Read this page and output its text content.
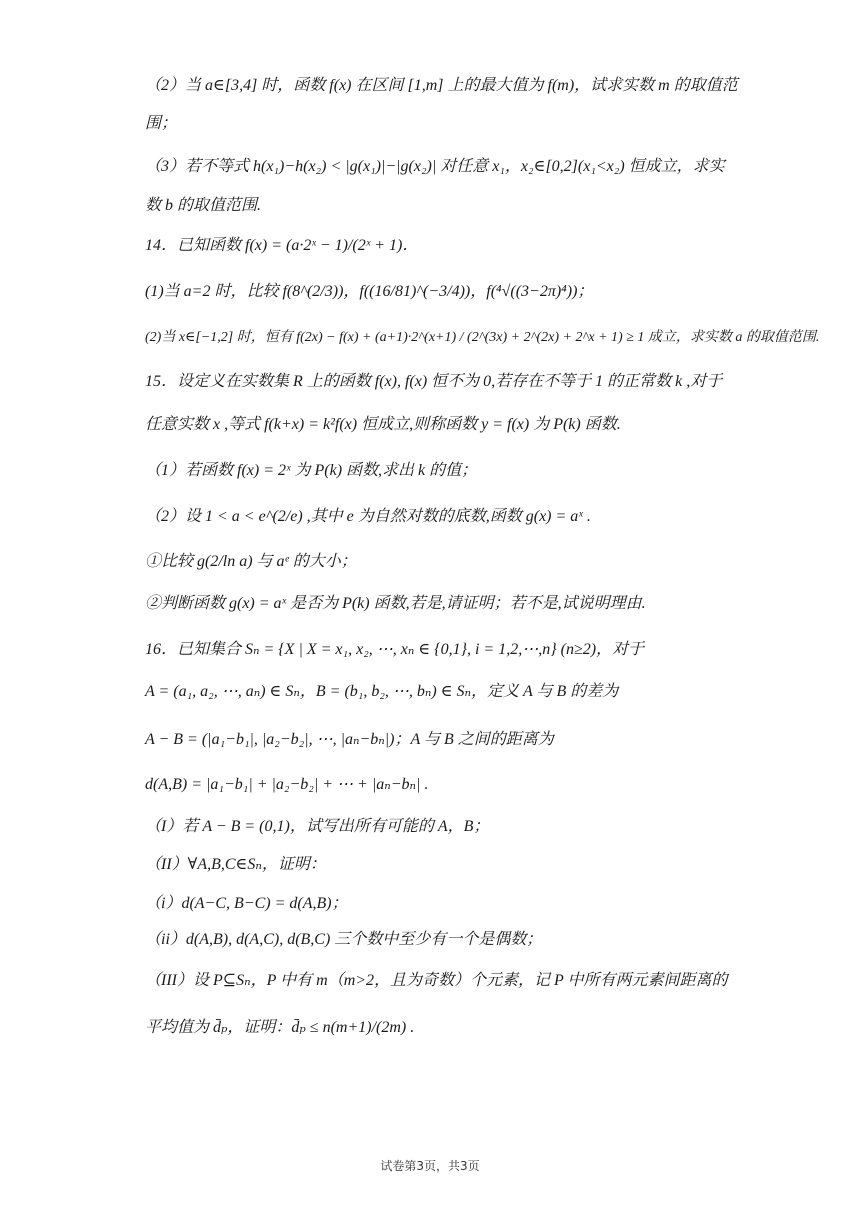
（2）当 a∈[3,4] 时，函数 f(x) 在区间 [1,m] 上的最大值为 f(m)，试求实数 m 的取值范
围；
（3）若不等式 h(x₁)−h(x₂) < |g(x₁)|−|g(x₂)| 对任意 x₁，x₂∈[0,2](x₁<x₂) 恒成立，求实
数 b 的取值范围.
14．已知函数 f(x) = (a·2ˣ − 1)/(2ˣ + 1)．
(1)当 a=2 时，比较 f(8^(2/3))，f((16/81)^(−3/4))，f(⁴√((3−2π)⁴))；
(2)当 x∈[−1,2] 时，恒有 f(2x) − f(x) + (a+1)·2^(x+1) / (2^(3x) + 2^(2x) + 2^x + 1) ≥ 1 成立，求实数 a 的取值范围.
15．设定义在实数集 R 上的函数 f(x), f(x) 恒不为 0,若存在不等于 1 的正常数 k ,对于
任意实数 x ,等式 f(k+x) = k²f(x) 恒成立,则称函数 y = f(x) 为 P(k) 函数.
（1）若函数 f(x) = 2ˣ 为 P(k) 函数,求出 k 的值；
（2）设 1 < a < e^(2/e) ,其中 e 为自然对数的底数,函数 g(x) = aˣ .
①比较 g(2/ln a) 与 aᵉ 的大小；
②判断函数 g(x) = aˣ 是否为 P(k) 函数,若是,请证明；若不是,试说明理由.
16．已知集合 Sₙ = {X | X = x₁, x₂, ⋯, xₙ ∈ {0,1}, i = 1,2,⋯,n} (n≥2)，对于
A = (a₁, a₂, ⋯, aₙ) ∈ Sₙ，B = (b₁, b₂, ⋯, bₙ) ∈ Sₙ，定义 A 与 B 的差为
A − B = (|a₁−b₁|, |a₂−b₂|, ⋯, |aₙ−bₙ|)；A 与 B 之间的距离为
d(A,B) = |a₁−b₁| + |a₂−b₂| + ⋯ + |aₙ−bₙ| .
（I）若 A − B = (0,1)，试写出所有可能的 A，B；
（II）∀A,B,C∈Sₙ，证明：
（i）d(A−C, B−C) = d(A,B)；
（ii）d(A,B), d(A,C), d(B,C) 三个数中至少有一个是偶数；
（III）设 P⊆Sₙ，P 中有 m（m>2，且为奇数）个元素，记 P 中所有两元素间距离的
平均值为 d̄ₚ，证明：d̄ₚ ≤ n(m+1)/(2m) .
试卷第3页，共3页
